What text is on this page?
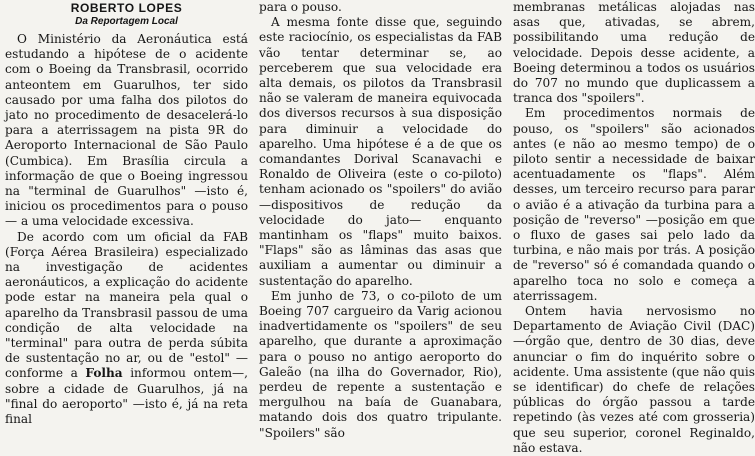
ROBERTO LOPES
Da Reportagem Local

O Ministério da Aeronáutica está estudando a hipótese de o acidente com o Boeing da Transbrasil, ocorrido anteontem em Guarulhos, ter sido causado por uma falha dos pilotos do jato no procedimento de desacelerá-lo para a aterrissagem na pista 9R do Aeroporto Internacional de São Paulo (Cumbica). Em Brasília circula a informação de que o Boeing ingressou na "terminal de Guarulhos" —isto é, iniciou os procedimentos para o pouso— a uma velocidade excessiva.

De acordo com um oficial da FAB (Força Aérea Brasileira) especializado na investigação de acidentes aeronáuticos, a explicação do acidente pode estar na maneira pela qual o aparelho da Transbrasil passou de uma condição de alta velocidade na "terminal" para outra de perda súbita de sustentação no ar, ou de "estol" —conforme a Folha informou ontem—, sobre a cidade de Guarulhos, já na "final do aeroporto" —isto é, já na reta final

para o pouso.

A mesma fonte disse que, seguindo este raciocínio, os especialistas da FAB vão tentar determinar se, ao perceberem que sua velocidade era alta demais, os pilotos da Transbrasil não se valeram de maneira equivocada dos diversos recursos à sua disposição para diminuir a velocidade do aparelho. Uma hipótese é a de que os comandantes Dorival Scanavachi e Ronaldo de Oliveira (este o co-piloto) tenham acionado os "spoilers" do avião —dispositivos de redução da velocidade do jato— enquanto mantinham os "flaps" muito baixos. "Flaps" são as lâminas das asas que auxiliam a aumentar ou diminuir a sustentação do aparelho.

Em junho de 73, o co-piloto de um Boeing 707 cargueiro da Varig acionou inadvertidamente os "spoilers" de seu aparelho, que durante a aproximação para o pouso no antigo aeroporto do Galeão (na ilha do Governador, Rio), perdeu de repente a sustentação e mergulhou na baía de Guanabara, matando dois dos quatro tripulante. "Spoilers" são

membranas metálicas alojadas nas asas que, ativadas, se abrem, possibilitando uma redução de velocidade. Depois desse acidente, a Boeing determinou a todos os usuários do 707 no mundo que duplicassem a tranca dos "spoilers".

Em procedimentos normais de pouso, os "spoilers" são acionados antes (e não ao mesmo tempo) de o piloto sentir a necessidade de baixar acentuadamente os "flaps". Além desses, um terceiro recurso para parar o avião é a ativação da turbina para a posição de "reverso" —posição em que o fluxo de gases sai pelo lado da turbina, e não mais por trás. A posição de "reverso" só é comandada quando o aparelho toca no solo e começa a aterrissagem.

Ontem havia nervosismo no Departamento de Aviação Civil (DAC) —órgão que, dentro de 30 dias, deve anunciar o fim do inquérito sobre o acidente. Uma assistente (que não quis se identificar) do chefe de relações públicas do órgão passou a tarde repetindo (às vezes até com grosseria) que seu superior, coronel Reginaldo, não estava.
